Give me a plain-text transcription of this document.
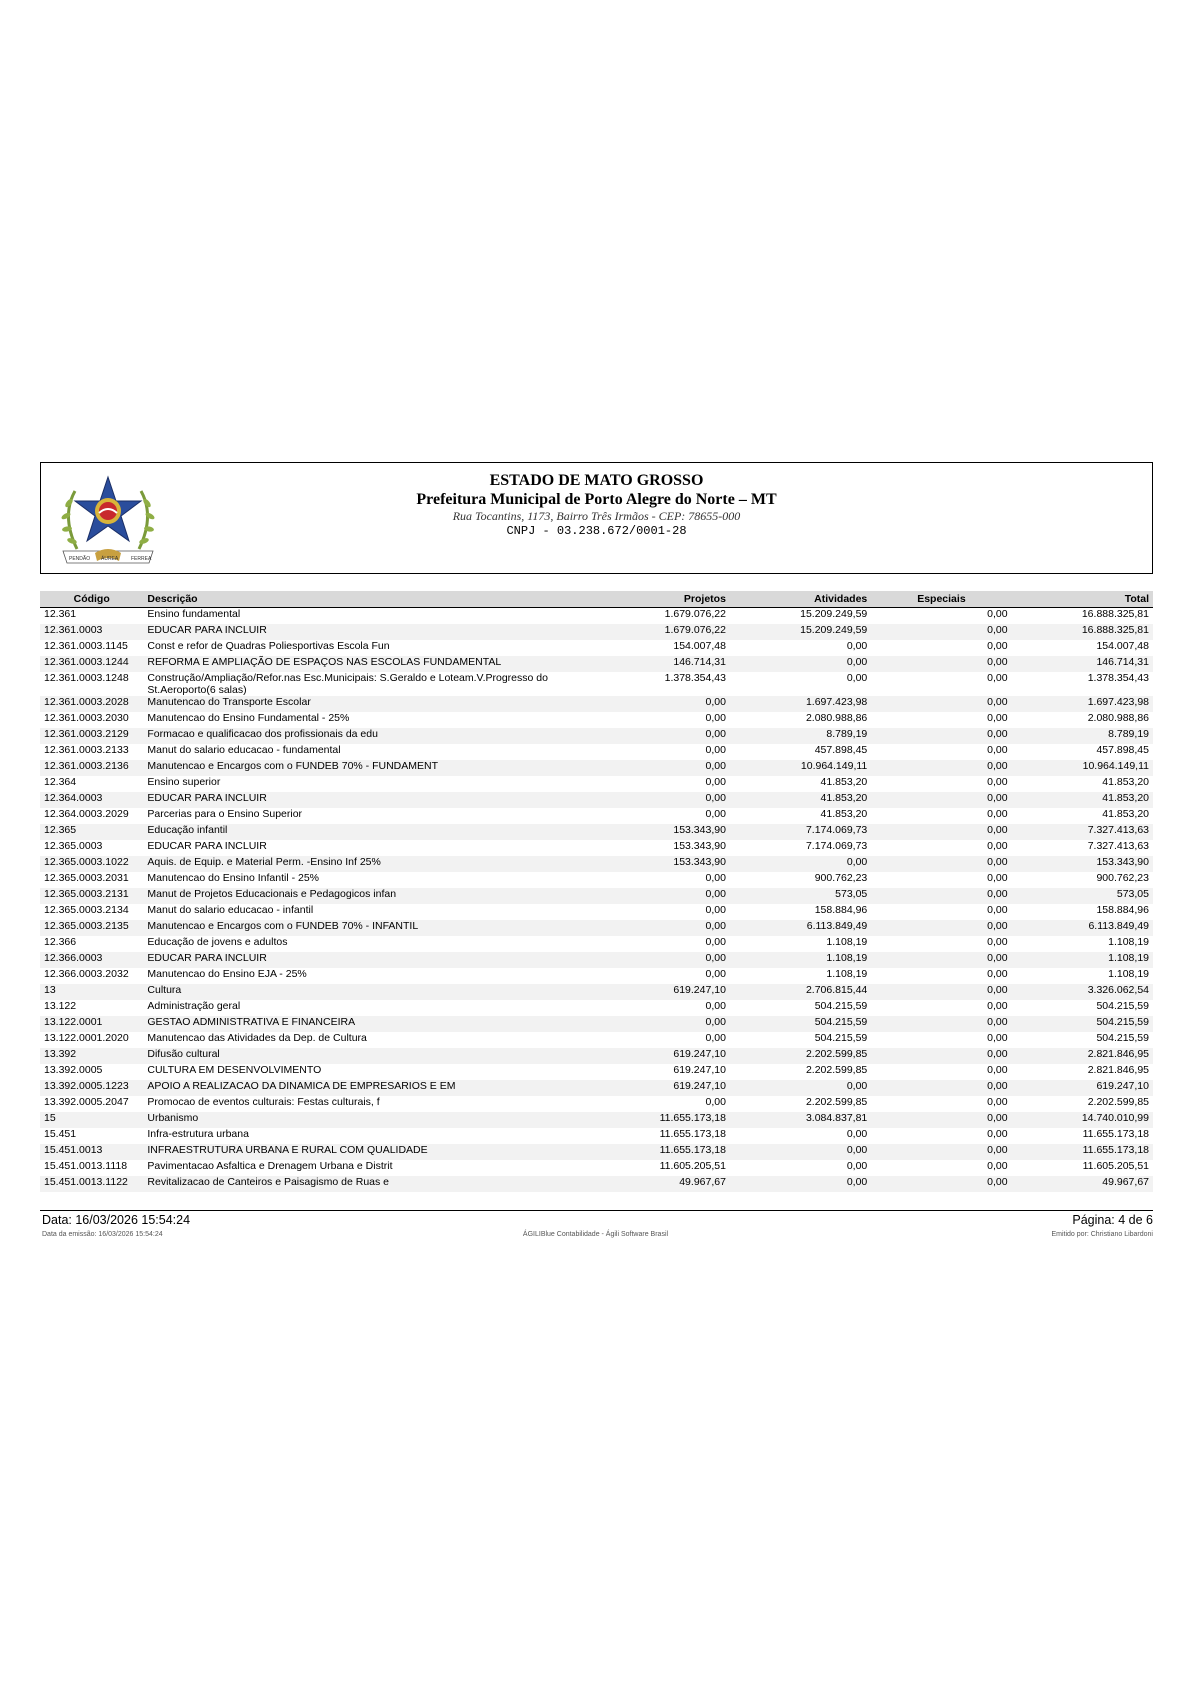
PENDÃO ÁUREA	FERREA
ESTADO DE MATO GROSSO
Prefeitura Municipal de Porto Alegre do Norte – MT
Rua Tocantins, 1173, Bairro Três Irmãos - CEP: 78655-000
CNPJ - 03.238.672/0001-28
Código	Descrição	Projetos	Atividades	Especiais	Total
12.361	Ensino fundamental	1.679.076,22	15.209.249,59	0,00	16.888.325,81
12.361.0003	EDUCAR PARA INCLUIR	1.679.076,22	15.209.249,59	0,00	16.888.325,81
12.361.0003.1145	Const e refor de Quadras Poliesportivas Escola Fun	154.007,48	0,00	0,00	154.007,48
12.361.0003.1244	REFORMA E AMPLIAÇÃO DE ESPAÇOS NAS ESCOLAS FUNDAMENTAL	146.714,31	0,00	0,00	146.714,31
12.361.0003.1248	Construção/Ampliação/Refor.nas Esc.Municipais: S.Geraldo e Loteam.V.Progresso do St.Aeroporto(6 salas)	1.378.354,43	0,00	0,00	1.378.354,43
12.361.0003.2028	Manutencao do Transporte Escolar	0,00	1.697.423,98	0,00	1.697.423,98
12.361.0003.2030	Manutencao do Ensino Fundamental - 25%	0,00	2.080.988,86	0,00	2.080.988,86
12.361.0003.2129	Formacao e qualificacao dos profissionais da edu	0,00	8.789,19	0,00	8.789,19
12.361.0003.2133	Manut do salario educacao - fundamental	0,00	457.898,45	0,00	457.898,45
12.361.0003.2136	Manutencao e Encargos com o FUNDEB 70% - FUNDAMENT	0,00	10.964.149,11	0,00	10.964.149,11
12.364	Ensino superior	0,00	41.853,20	0,00	41.853,20
12.364.0003	EDUCAR PARA INCLUIR	0,00	41.853,20	0,00	41.853,20
12.364.0003.2029	Parcerias para o Ensino Superior	0,00	41.853,20	0,00	41.853,20
12.365	Educação infantil	153.343,90	7.174.069,73	0,00	7.327.413,63
12.365.0003	EDUCAR PARA INCLUIR	153.343,90	7.174.069,73	0,00	7.327.413,63
12.365.0003.1022	Aquis. de Equip. e Material Perm. -Ensino Inf 25%	153.343,90	0,00	0,00	153.343,90
12.365.0003.2031	Manutencao do Ensino Infantil - 25%	0,00	900.762,23	0,00	900.762,23
12.365.0003.2131	Manut de Projetos Educacionais e Pedagogicos infan	0,00	573,05	0,00	573,05
12.365.0003.2134	Manut do salario educacao - infantil	0,00	158.884,96	0,00	158.884,96
12.365.0003.2135	Manutencao e Encargos com o FUNDEB 70% - INFANTIL	0,00	6.113.849,49	0,00	6.113.849,49
12.366	Educação de jovens e adultos	0,00	1.108,19	0,00	1.108,19
12.366.0003	EDUCAR PARA INCLUIR	0,00	1.108,19	0,00	1.108,19
12.366.0003.2032	Manutencao do Ensino EJA - 25%	0,00	1.108,19	0,00	1.108,19
13	Cultura	619.247,10	2.706.815,44	0,00	3.326.062,54
13.122	Administração geral	0,00	504.215,59	0,00	504.215,59
13.122.0001	GESTAO ADMINISTRATIVA E FINANCEIRA	0,00	504.215,59	0,00	504.215,59
13.122.0001.2020	Manutencao das Atividades da Dep. de Cultura	0,00	504.215,59	0,00	504.215,59
13.392	Difusão cultural	619.247,10	2.202.599,85	0,00	2.821.846,95
13.392.0005	CULTURA EM DESENVOLVIMENTO	619.247,10	2.202.599,85	0,00	2.821.846,95
13.392.0005.1223	APOIO A REALIZACAO DA DINAMICA DE EMPRESARIOS E EM	619.247,10	0,00	0,00	619.247,10
13.392.0005.2047	Promocao de eventos culturais: Festas culturais, f	0,00	2.202.599,85	0,00	2.202.599,85
15	Urbanismo	11.655.173,18	3.084.837,81	0,00	14.740.010,99
15.451	Infra-estrutura urbana	11.655.173,18	0,00	0,00	11.655.173,18
15.451.0013	INFRAESTRUTURA URBANA E RURAL COM QUALIDADE	11.655.173,18	0,00	0,00	11.655.173,18
15.451.0013.1118	Pavimentacao Asfaltica e Drenagem Urbana e Distrit	11.605.205,51	0,00	0,00	11.605.205,51
15.451.0013.1122	Revitalizacao de Canteiros e Paisagismo de Ruas e	49.967,67	0,00	0,00	49.967,67
Data: 16/03/2026 15:54:24	Página: 4 de 6
Data da emissão: 16/03/2026 15:54:24	ÁGILIBlue Contabilidade - Ágili Software Brasil	Emitido por: Christiano Libardoni
